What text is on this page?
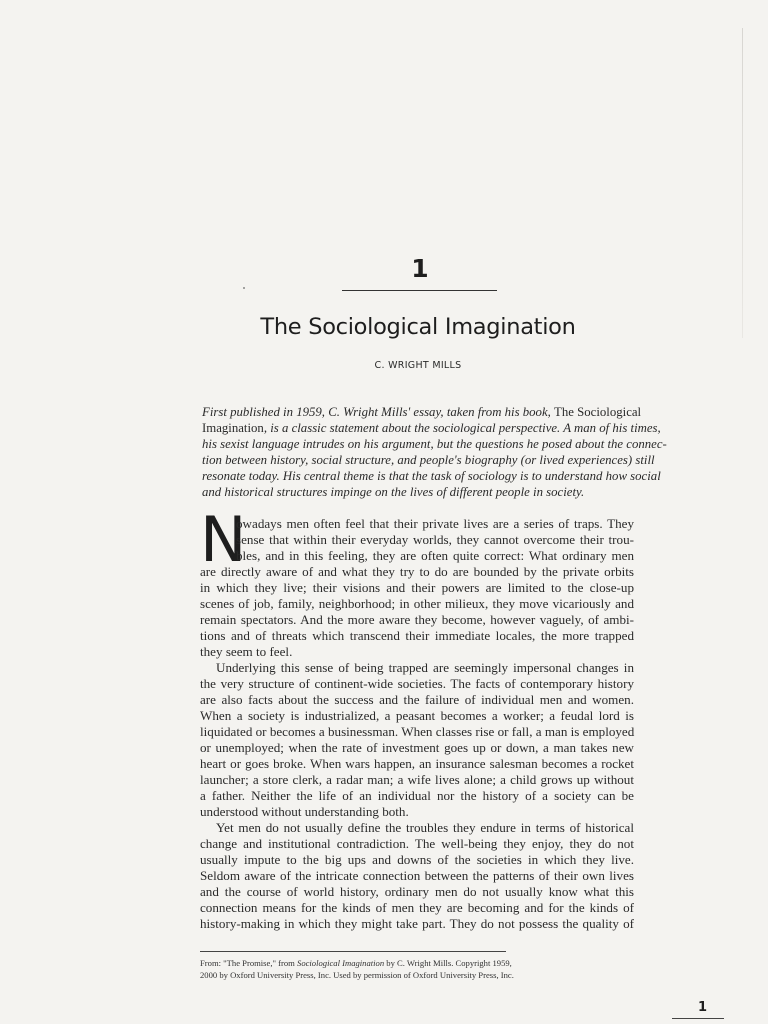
1
The Sociological Imagination
C. WRIGHT MILLS
First published in 1959, C. Wright Mills' essay, taken from his book, The Sociological
Imagination, is a classic statement about the sociological perspective. A man of his times,
his sexist language intrudes on his argument, but the questions he posed about the connec-
tion between history, social structure, and people's biography (or lived experiences) still
resonate today. His central theme is that the task of sociology is to understand how social
and historical structures impinge on the lives of different people in society.
N
owadays men often feel that their private lives are a series of traps. They
sense that within their everyday worlds, they cannot overcome their trou-
bles, and in this feeling, they are often quite correct: What ordinary men
are directly aware of and what they try to do are bounded by the private orbits
in which they live; their visions and their powers are limited to the close-up
scenes of job, family, neighborhood; in other milieux, they move vicariously and
remain spectators. And the more aware they become, however vaguely, of ambi-
tions and of threats which transcend their immediate locales, the more trapped
they seem to feel.
Underlying this sense of being trapped are seemingly impersonal changes in
the very structure of continent-wide societies. The facts of contemporary history
are also facts about the success and the failure of individual men and women.
When a society is industrialized, a peasant becomes a worker; a feudal lord is
liquidated or becomes a businessman. When classes rise or fall, a man is employed
or unemployed; when the rate of investment goes up or down, a man takes new
heart or goes broke. When wars happen, an insurance salesman becomes a rocket
launcher; a store clerk, a radar man; a wife lives alone; a child grows up without
a father. Neither the life of an individual nor the history of a society can be
understood without understanding both.
Yet men do not usually define the troubles they endure in terms of historical
change and institutional contradiction. The well-being they enjoy, they do not
usually impute to the big ups and downs of the societies in which they live.
Seldom aware of the intricate connection between the patterns of their own lives
and the course of world history, ordinary men do not usually know what this
connection means for the kinds of men they are becoming and for the kinds of
history-making in which they might take part. They do not possess the quality of
From: "The Promise," from Sociological Imagination by C. Wright Mills. Copyright 1959,
2000 by Oxford University Press, Inc. Used by permission of Oxford University Press, Inc.
1
